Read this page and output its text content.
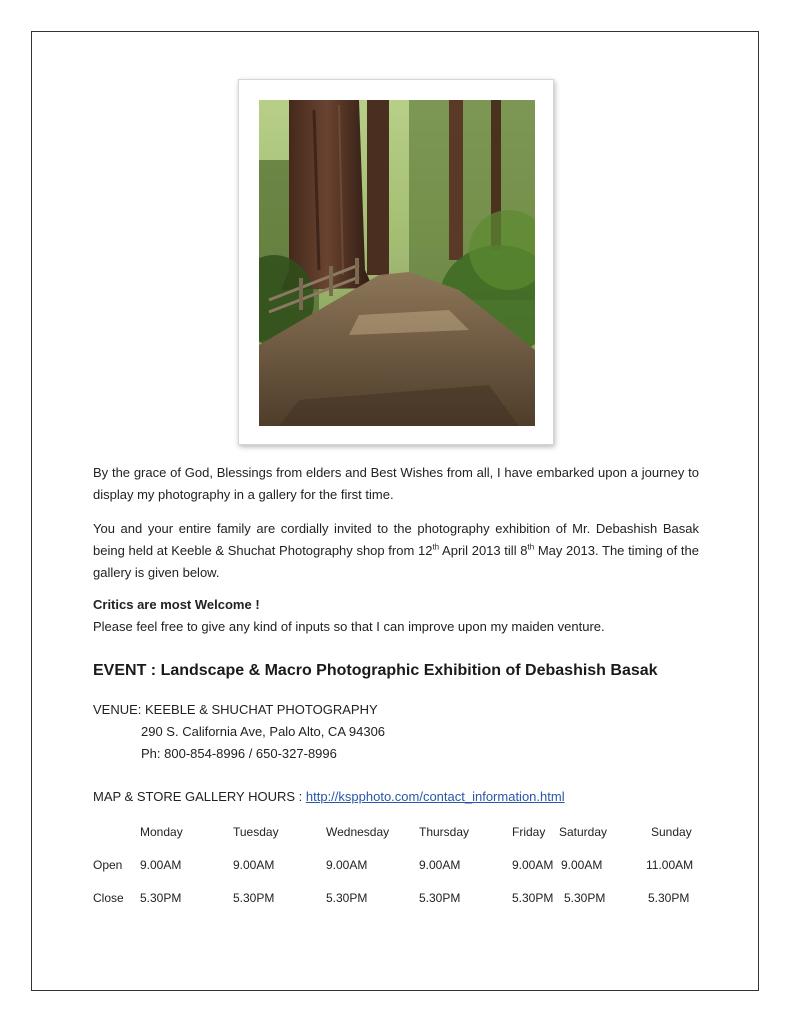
By the grace of God, Blessings from elders and Best Wishes from all, I have embarked upon a journey to display my photography in a gallery for the first time.

You and your entire family are cordially invited to the photography exhibition of Mr. Debashish Basak being held at Keeble & Shuchat Photography shop from 12th April 2013 till 8th May 2013. The timing of the gallery is given below.

Critics are most Welcome !

Please feel free to give any kind of inputs so that I can improve upon my maiden venture.

EVENT : Landscape & Macro Photographic Exhibition of Debashish Basak

VENUE: KEEBLE & SHUCHAT PHOTOGRAPHY

290 S. California Ave, Palo Alto, CA 94306

Ph: 800-854-8996 / 650-327-8996

MAP & STORE GALLERY HOURS : http://kspphoto.com/contact_information.html

Monday	Tuesday	Wednesday Thursday	Friday Saturday	Sunday
Open 9.00AM	9.00AM	9.00AM	9.00AM	9.00AM 9.00AM	11.00AM
Close 5.30PM	5.30PM	5.30PM	5.30PM	5.30PM 5.30PM	5.30PM
